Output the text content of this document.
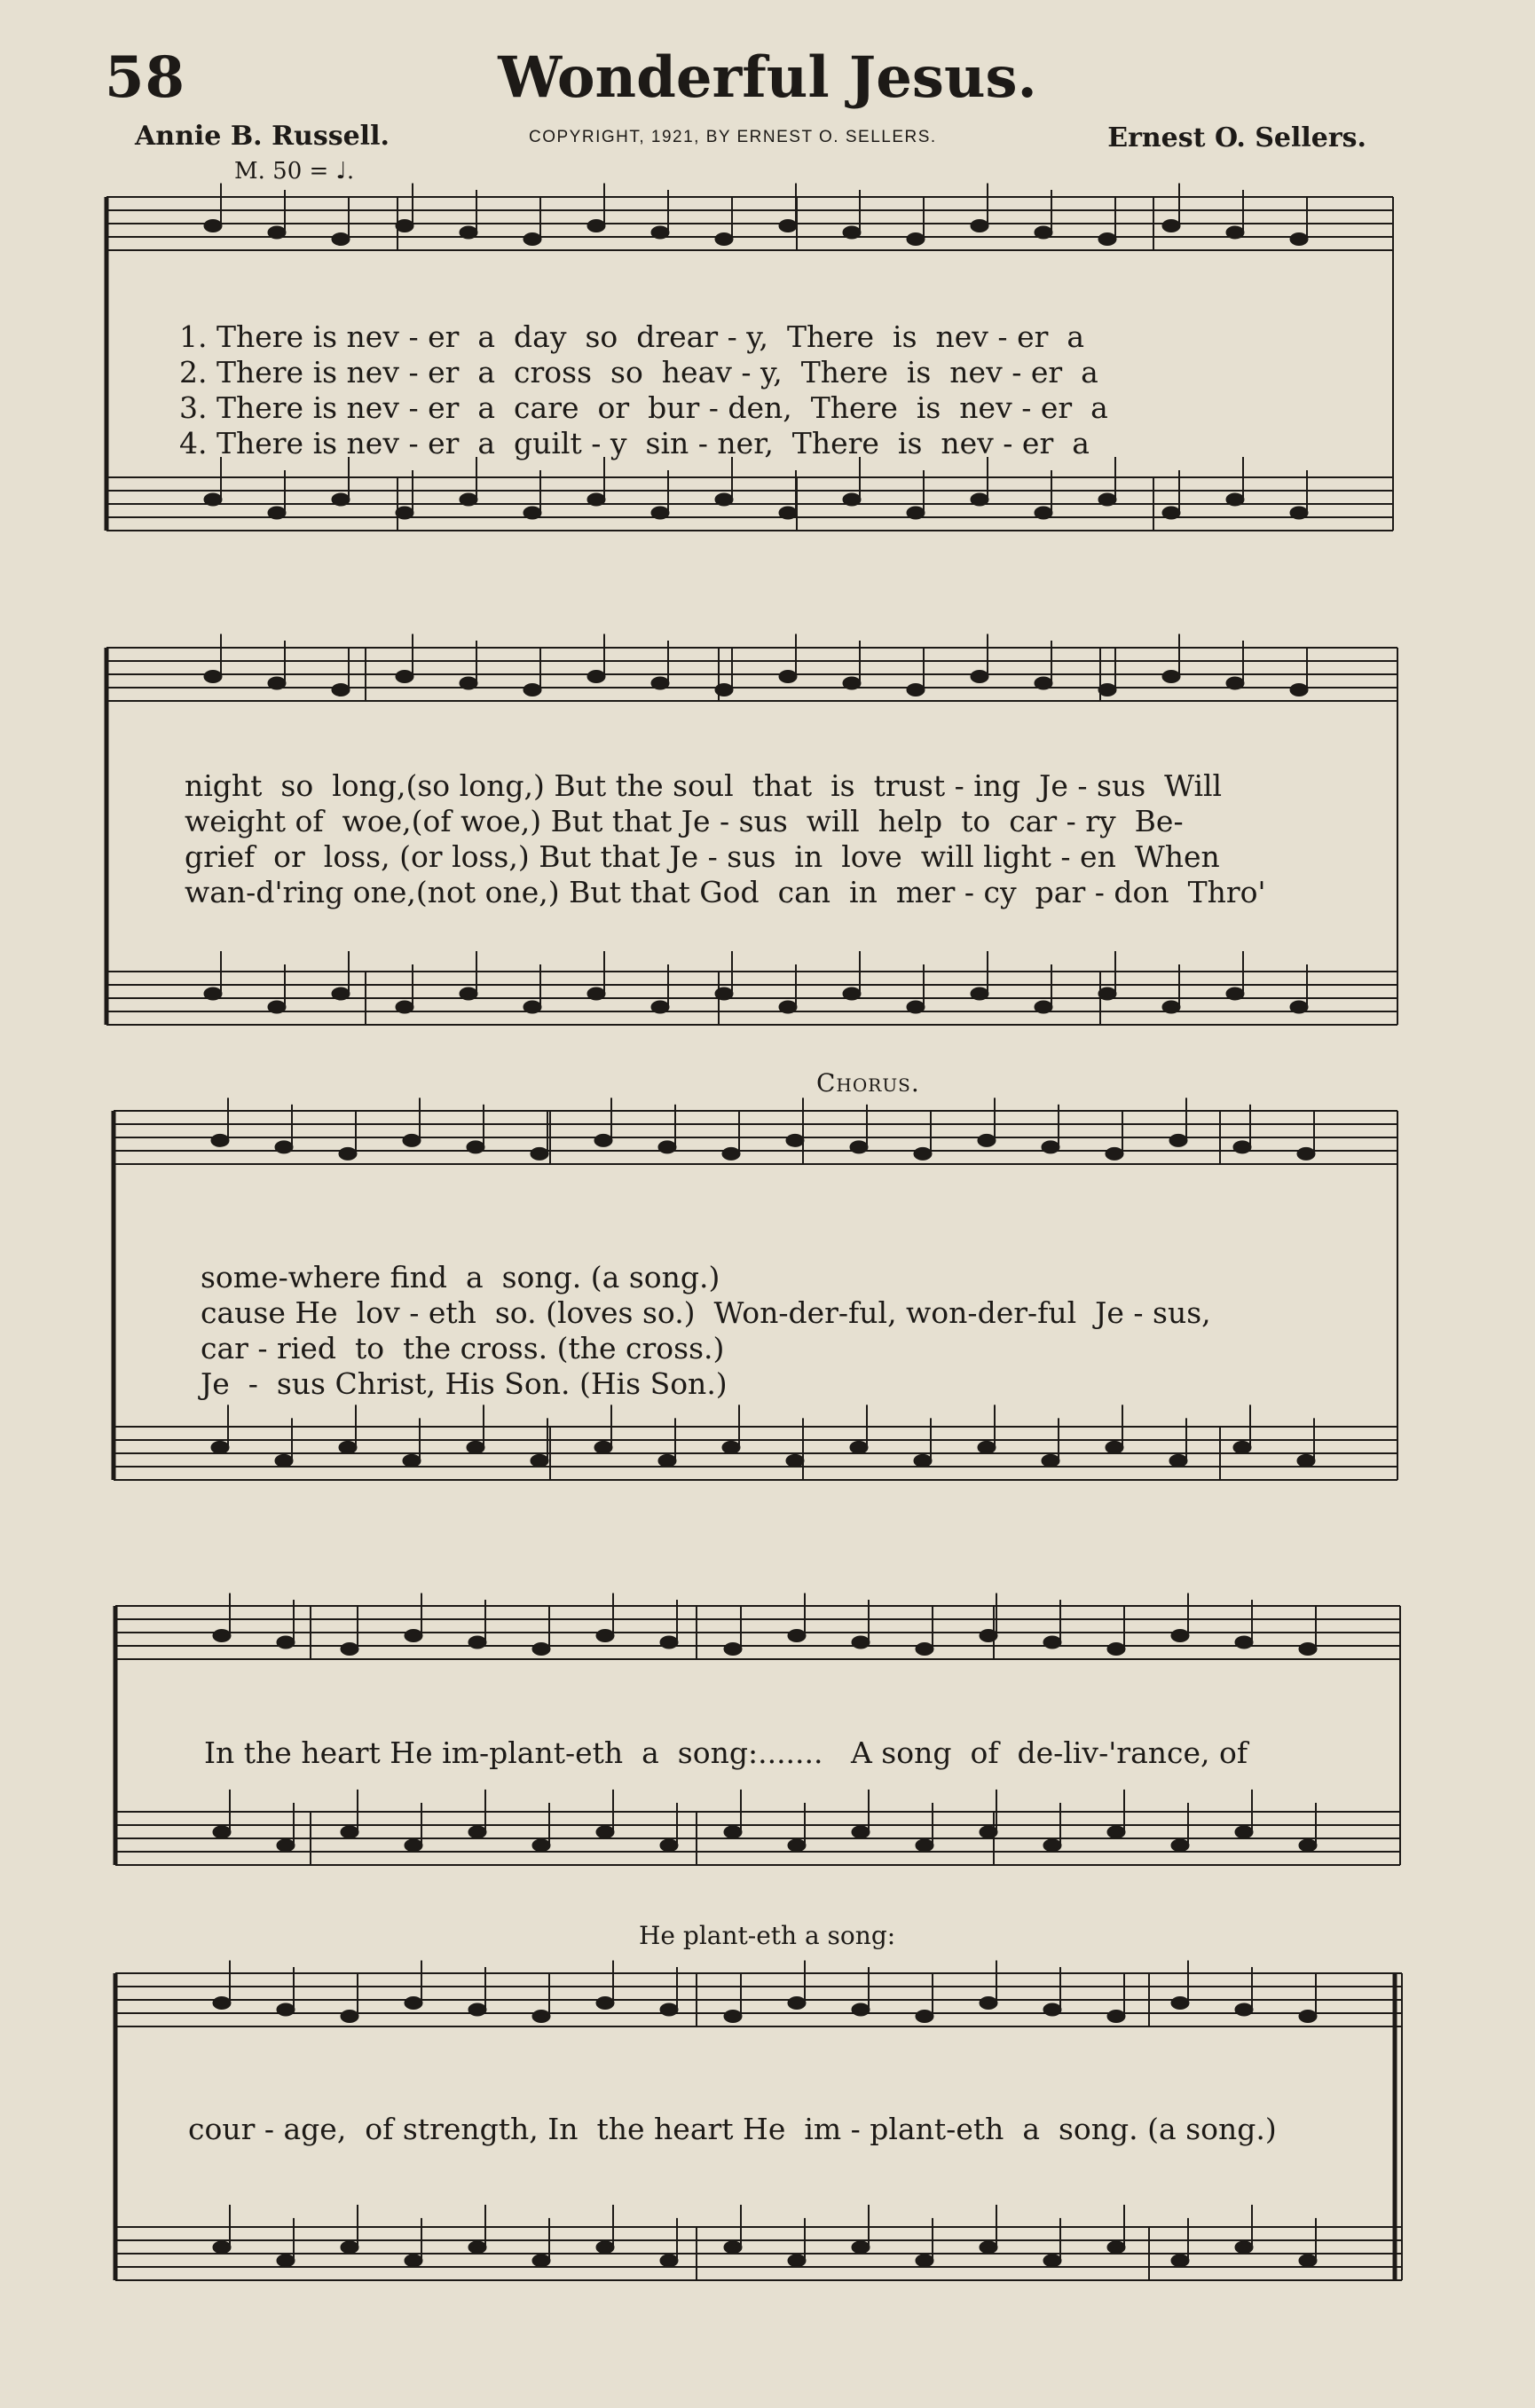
58	Wonderful Jesus.
Annie B. Russell.	COPYRIGHT, 1921, BY ERNEST O. SELLERS.	Ernest O. Sellers.
M. 50 = ♩.
Chorus.
He plant-eth a song:
1. There is nev - er  a  day  so  drear - y,  There  is  nev - er  a
2. There is nev - er  a  cross  so  heav - y,  There  is  nev - er  a
3. There is nev - er  a  care  or  bur - den,  There  is  nev - er  a
4. There is nev - er  a  guilt - y  sin - ner,  There  is  nev - er  a
night  so  long,(so long,) But the soul  that  is  trust - ing  Je - sus  Will
weight of  woe,(of woe,) But that Je - sus  will  help  to  car - ry  Be-
grief  or  loss, (or loss,) But that Je - sus  in  love  will light - en  When
wan-d'ring one,(not one,) But that God  can  in  mer - cy  par - don  Thro'
some-where find  a  song. (a song.)
cause He  lov - eth  so. (loves so.)  Won-der-ful, won-der-ful  Je - sus,
car - ried  to  the cross. (the cross.)
Je  -  sus Christ, His Son. (His Son.)
In the heart He im-plant-eth  a  song:.......   A song  of  de-liv-'rance, of
cour - age,  of strength, In  the heart He  im - plant-eth  a  song. (a song.)
